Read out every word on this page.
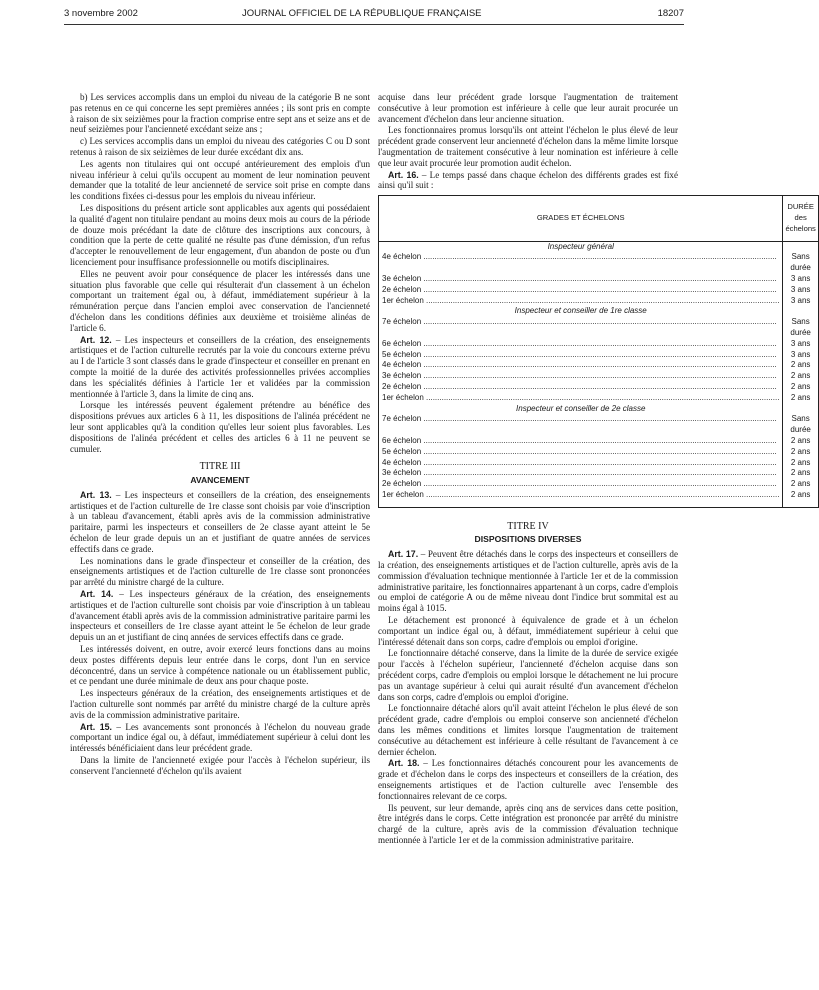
3 novembre 2002	JOURNAL OFFICIEL DE LA RÉPUBLIQUE FRANÇAISE	18207

b) Les services accomplis dans un emploi du niveau de la catégorie B ne sont pas retenus en ce qui concerne les sept premières années ; ils sont pris en compte à raison de six seizièmes pour la fraction comprise entre sept ans et seize ans et de neuf seizièmes pour l'ancienneté excédant seize ans ;

c) Les services accomplis dans un emploi du niveau des catégories C ou D sont retenus à raison de six seizièmes de leur durée excédant dix ans.

Les agents non titulaires qui ont occupé antérieurement des emplois d'un niveau inférieur à celui qu'ils occupent au moment de leur nomination peuvent demander que la totalité de leur ancienneté de service soit prise en compte dans les conditions fixées ci-dessus pour les emplois du niveau inférieur.

Les dispositions du présent article sont applicables aux agents qui possédaient la qualité d'agent non titulaire pendant au moins deux mois au cours de la période de douze mois précédant la date de clôture des inscriptions aux concours, à condition que la perte de cette qualité ne résulte pas d'une démission, d'un refus d'accepter le renouvellement de leur engagement, d'un abandon de poste ou d'un licenciement pour insuffisance professionnelle ou motifs disciplinaires.

Elles ne peuvent avoir pour conséquence de placer les intéressés dans une situation plus favorable que celle qui résulterait d'un classement à un échelon comportant un traitement égal ou, à défaut, immédiatement supérieur à la rémunération perçue dans l'ancien emploi avec conservation de l'ancienneté d'échelon dans les conditions définies aux deuxième et troisième alinéas de l'article 6.

Art. 12. – Les inspecteurs et conseillers de la création, des enseignements artistiques et de l'action culturelle recrutés par la voie du concours externe prévu au I de l'article 3 sont classés dans le grade d'inspecteur et conseiller en prenant en compte la moitié de la durée des activités professionnelles privées accomplies dans les spécialités définies à l'article 1er et validées par la commission mentionnée à l'article 3, dans la limite de cinq ans.

Lorsque les intéressés peuvent également prétendre au bénéfice des dispositions prévues aux articles 6 à 11, les dispositions de l'alinéa précédent ne leur sont applicables qu'à la condition qu'elles leur soient plus favorables. Les dispositions de l'alinéa précédent et celles des articles 6 à 11 ne peuvent se cumuler.

TITRE III
AVANCEMENT

Art. 13. – Les inspecteurs et conseillers de la création, des enseignements artistiques et de l'action culturelle de 1re classe sont choisis par voie d'inscription à un tableau d'avancement, établi après avis de la commission administrative paritaire, parmi les inspecteurs et conseillers de 2e classe ayant atteint le 5e échelon de leur grade depuis un an et justifiant de quatre années de services effectifs dans ce grade.

Les nominations dans le grade d'inspecteur et conseiller de la création, des enseignements artistiques et de l'action culturelle de 1re classe sont prononcées par arrêté du ministre chargé de la culture.

Art. 14. – Les inspecteurs généraux de la création, des enseignements artistiques et de l'action culturelle sont choisis par voie d'inscription à un tableau d'avancement établi après avis de la commission administrative paritaire parmi les inspecteurs et conseillers de 1re classe ayant atteint le 5e échelon de leur grade depuis un an et justifiant de cinq années de services effectifs dans ce grade.

Les intéressés doivent, en outre, avoir exercé leurs fonctions dans au moins deux postes différents depuis leur entrée dans le corps, dont l'un en service déconcentré, dans un service à compétence nationale ou un établissement public, et ce pendant une durée minimale de deux ans pour chaque poste.

Les inspecteurs généraux de la création, des enseignements artistiques et de l'action culturelle sont nommés par arrêté du ministre chargé de la culture après avis de la commission administrative paritaire.

Art. 15. – Les avancements sont prononcés à l'échelon du nouveau grade comportant un indice égal ou, à défaut, immédiatement supérieur à celui dont les intéressés bénéficiaient dans leur précédent grade.

Dans la limite de l'ancienneté exigée pour l'accès à l'échelon supérieur, ils conservent l'ancienneté d'échelon qu'ils avaient

acquise dans leur précédent grade lorsque l'augmentation de traitement consécutive à leur promotion est inférieure à celle que leur aurait procurée un avancement d'échelon dans leur ancienne situation.

Les fonctionnaires promus lorsqu'ils ont atteint l'échelon le plus élevé de leur précédent grade conservent leur ancienneté d'échelon dans la même limite lorsque l'augmentation de traitement consécutive à leur nomination est inférieure à celle que leur avait procurée leur promotion audit échelon.

Art. 16. – Le temps passé dans chaque échelon des différents grades est fixé ainsi qu'il suit :

GRADES ET ÉCHELONS	DURÉE
des échelons

Inspecteur général	

4e échelon .....	Sans durée

3e échelon .....	3 ans

2e échelon .....	3 ans

1er échelon .....	3 ans
Inspecteur et conseiller de 1re classe	

7e échelon .....	Sans durée

6e échelon .....	3 ans

5e échelon .....	3 ans

4e échelon .....	2 ans

3e échelon .....	2 ans

2e échelon .....	2 ans

1er échelon .....	2 ans
Inspecteur et conseiller de 2e classe	

7e échelon .....	Sans durée

6e échelon .....	2 ans

5e échelon .....	2 ans

4e échelon .....	2 ans

3e échelon .....	2 ans

2e échelon .....	2 ans

1er échelon .....	2 ans

TITRE IV
DISPOSITIONS DIVERSES

Art. 17. – Peuvent être détachés dans le corps des inspecteurs et conseillers de la création, des enseignements artistiques et de l'action culturelle, après avis de la commission d'évaluation technique mentionnée à l'article 1er et de la commission administrative paritaire, les fonctionnaires appartenant à un corps, cadre d'emplois ou emploi de catégorie A ou de même niveau dont l'indice brut sommital est au moins égal à 1015.

Le détachement est prononcé à équivalence de grade et à un échelon comportant un indice égal ou, à défaut, immédiatement supérieur à celui que l'intéressé détenait dans son corps, cadre d'emplois ou emploi d'origine.

Le fonctionnaire détaché conserve, dans la limite de la durée de service exigée pour l'accès à l'échelon supérieur, l'ancienneté d'échelon acquise dans son précédent corps, cadre d'emplois ou emploi lorsque le détachement ne lui procure pas un avantage supérieur à celui qui aurait résulté d'un avancement d'échelon dans son corps, cadre d'emplois ou emploi d'origine.

Le fonctionnaire détaché alors qu'il avait atteint l'échelon le plus élevé de son précédent grade, cadre d'emplois ou emploi conserve son ancienneté d'échelon dans les mêmes conditions et limites lorsque l'augmentation de traitement consécutive au détachement est inférieure à celle résultant de l'avancement à ce dernier échelon.

Art. 18. – Les fonctionnaires détachés concourent pour les avancements de grade et d'échelon dans le corps des inspecteurs et conseillers de la création, des enseignements artistiques et de l'action culturelle avec l'ensemble des fonctionnaires relevant de ce corps.

Ils peuvent, sur leur demande, après cinq ans de services dans cette position, être intégrés dans le corps. Cette intégration est prononcée par arrêté du ministre chargé de la culture, après avis de la commission d'évaluation technique mentionnée à l'article 1er et de la commission administrative paritaire.
